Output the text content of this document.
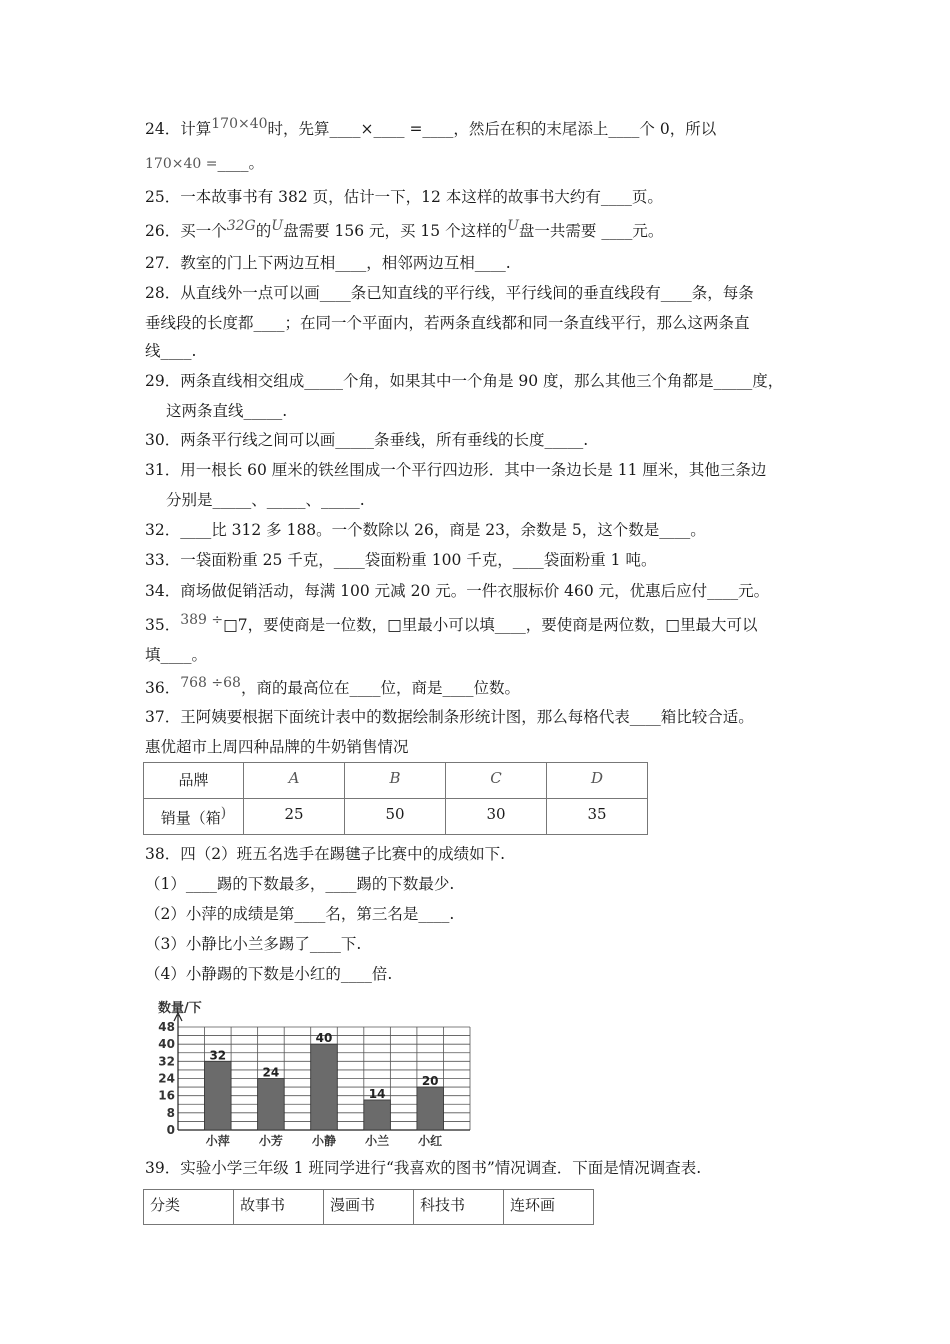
24．计算170×40时，先算____×____ =____，然后在积的末尾添上____个 0，所以
170×40 =____。
25．一本故事书有 382 页，估计一下，12 本这样的故事书大约有____页。
26．买一个32G的U盘需要 156 元，买 15 个这样的U盘一共需要 ____元。
27．教室的门上下两边互相____，相邻两边互相____.
28．从直线外一点可以画____条已知直线的平行线，平行线间的垂直线段有____条，每条
垂线段的长度都____；在同一个平面内，若两条直线都和同一条直线平行，那么这两条直
线____.
29．两条直线相交组成_____个角，如果其中一个角是 90 度，那么其他三个角都是_____度，
这两条直线_____.
30．两条平行线之间可以画_____条垂线，所有垂线的长度_____.
31．用一根长 60 厘米的铁丝围成一个平行四边形．其中一条边长是 11 厘米，其他三条边
分别是_____、_____、_____.
32．____比 312 多 188。一个数除以 26，商是 23，余数是 5，这个数是____。
33．一袋面粉重 25 千克，____袋面粉重 100 千克，____袋面粉重 1 吨。
34．商场做促销活动，每满 100 元减 20 元。一件衣服标价 460 元，优惠后应付____元。
35．389 ÷□7，要使商是一位数，□里最小可以填____，要使商是两位数，□里最大可以
填____。
36．768 ÷68，商的最高位在____位，商是____位数。
37．王阿姨要根据下面统计表中的数据绘制条形统计图，那么每格代表____箱比较合适。
惠优超市上周四种品牌的牛奶销售情况
品牌	A	B	C	D
销量（箱)	25	50	30	35
38．四（2）班五名选手在踢毽子比赛中的成绩如下.
（1）____踢的下数最多，____踢的下数最少.
（2）小萍的成绩是第____名，第三名是____.
（3）小静比小兰多踢了____下.
（4）小静踢的下数是小红的____倍.
数量/下
0
8
16
24
32
40
48
32
小萍
24
小芳
40
小静
14
小兰
20
小红
39．实验小学三年级 1 班同学进行“我喜欢的图书”情况调查．下面是情况调查表.
分类	故事书	漫画书	科技书	连环画
